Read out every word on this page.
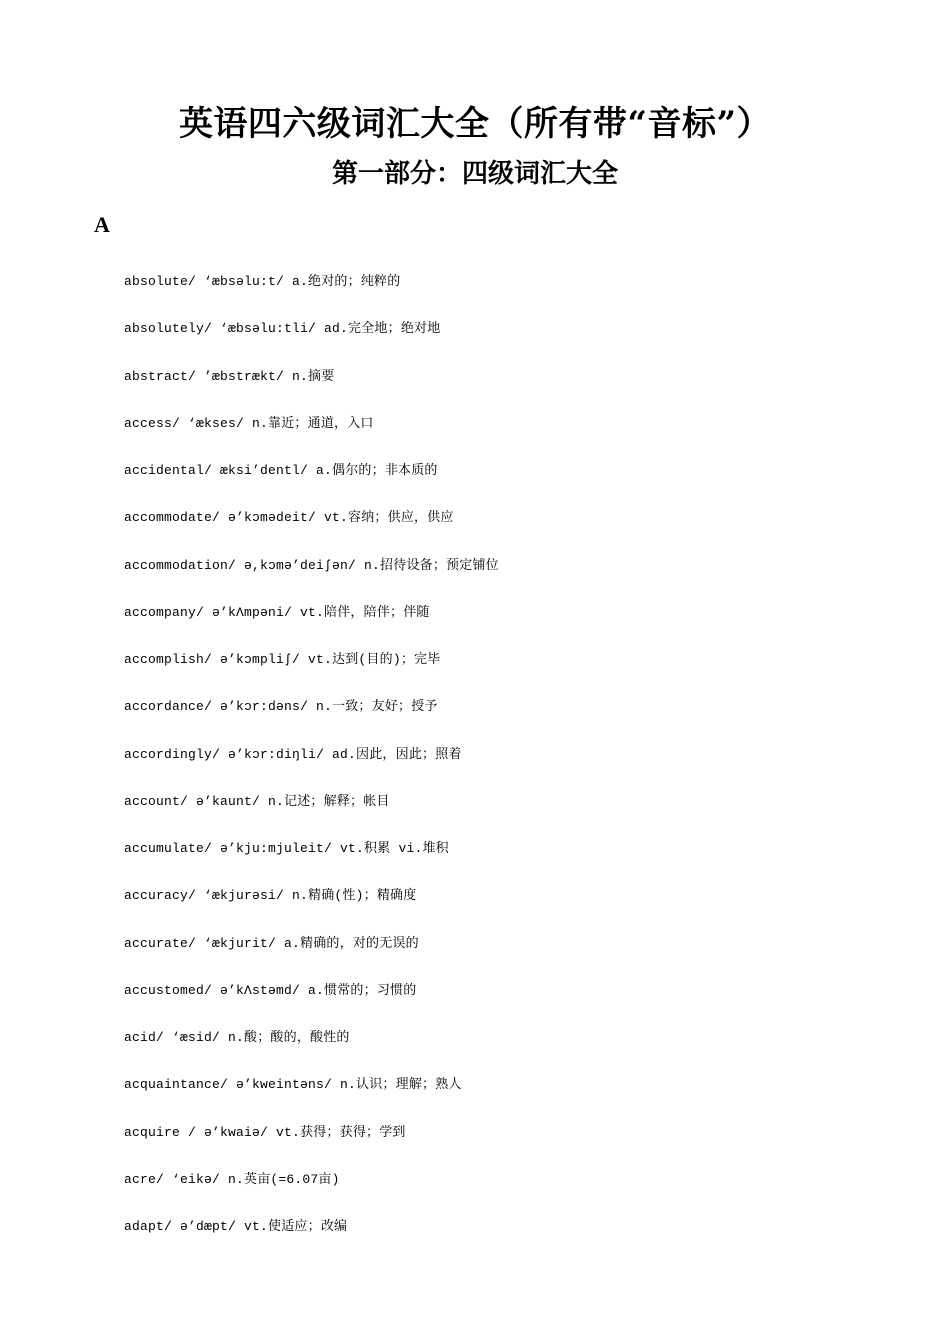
英语四六级词汇大全（所有带“音标”）
第一部分：四级词汇大全
A
absolute/ ‘æbsəlu:t/ a.绝对的；纯粹的
absolutely/ ‘æbsəlu:tli/ ad.完全地；绝对地
abstract/ ’æbstrækt/ n.摘要
access/ ‘ækses/ n.靠近；通道，入口
accidental/ æksi’dentl/ a.偶尔的；非本质的
accommodate/ ə’kɔmədeit/ vt.容纳；供应，供应
accommodation/ ə,kɔmə’deiʃən/ n.招待设备；预定铺位
accompany/ ə’kΛmpəni/ vt.陪伴，陪伴；伴随
accomplish/ ə’kɔmpliʃ/ vt.达到(目的)；完毕
accordance/ ə’kɔr:dəns/ n.一致；友好；授予
accordingly/ ə’kɔr:diŋli/ ad.因此，因此；照着
account/ ə’kaunt/ n.记述；解释；帐目
accumulate/ ə’kju:mjuleit/ vt.积累 vi.堆积
accuracy/ ‘ækjurəsi/ n.精确(性)；精确度
accurate/ ‘ækjurit/ a.精确的，对的无误的
accustomed/ ə’kΛstəmd/ a.惯常的；习惯的
acid/ ‘æsid/ n.酸；酸的，酸性的
acquaintance/ ə’kweintəns/ n.认识；理解；熟人
acquire / ə’kwaiə/ vt.获得；获得；学到
acre/ ‘eikə/ n.英亩(=6.07亩)
adapt/ ə’dæpt/ vt.使适应；改编
